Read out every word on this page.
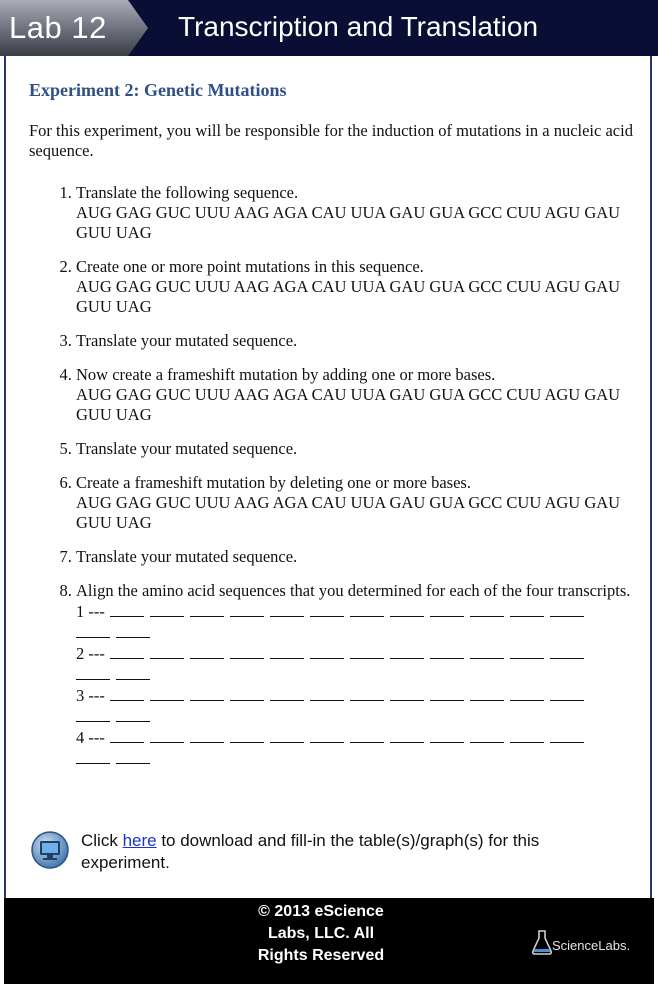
Lab 12	Transcription and Translation
Experiment 2: Genetic Mutations

For this experiment, you will be responsible for the induction of mutations in a nucleic acid sequence.

1. Translate the following sequence.
AUG GAG GUC UUU AAG AGA CAU UUA GAU GUA GCC CUU AGU GAU GUU UAG
2. Create one or more point mutations in this sequence.
AUG GAG GUC UUU AAG AGA CAU UUA GAU GUA GCC CUU AGU GAU GUU UAG
3. Translate your mutated sequence.
4. Now create a frameshift mutation by adding one or more bases.
AUG GAG GUC UUU AAG AGA CAU UUA GAU GUA GCC CUU AGU GAU GUU UAG
5. Translate your mutated sequence.
6. Create a frameshift mutation by deleting one or more bases.
AUG GAG GUC UUU AAG AGA CAU UUA GAU GUA GCC CUU AGU GAU GUU UAG
7. Translate your mutated sequence.
8. Align the amino acid sequences that you determined for each of the four transcripts.
1 ---
2 ---
3 ---
4 ---
Click here to download and fill-in the table(s)/graph(s) for this experiment.
© 2013 eScience Labs, LLC. All Rights Reserved
ScienceLabs.
